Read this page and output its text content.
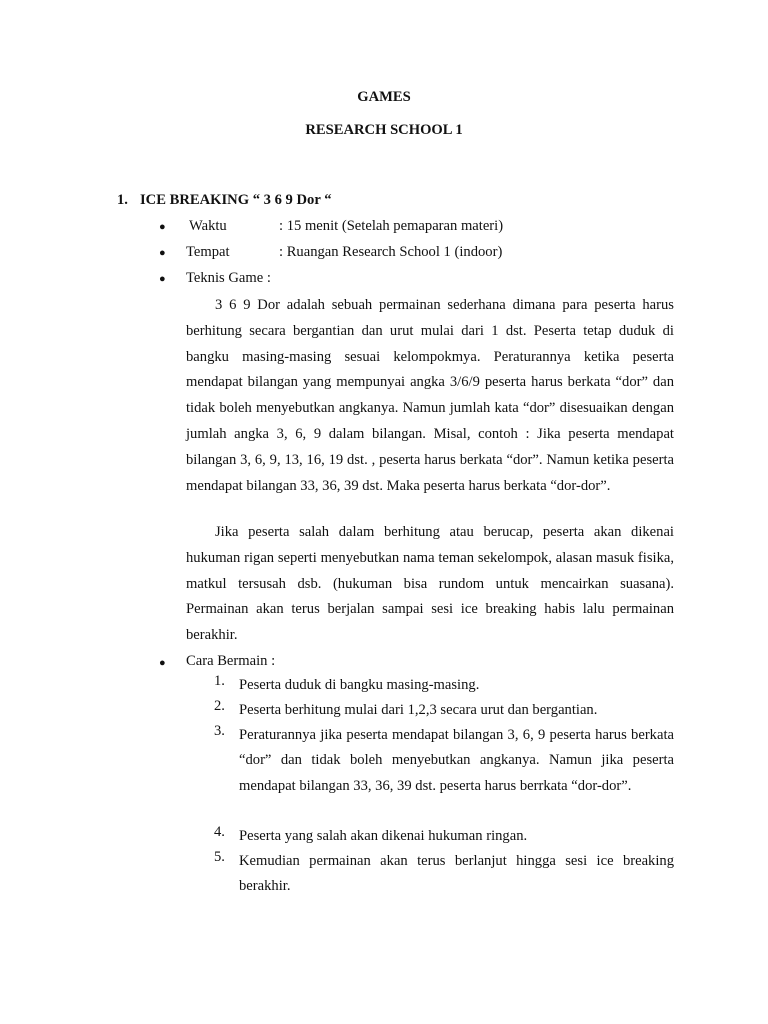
GAMES
RESEARCH SCHOOL 1
1. ICE BREAKING “ 3 6 9 Dor “
● Waktu	: 15 menit (Setelah pemaparan materi)
● Tempat	: Ruangan Research School 1 (indoor)
● Teknis Game :
3 6 9 Dor adalah sebuah permainan sederhana dimana para peserta harus berhitung secara bergantian dan urut mulai dari 1 dst. Peserta tetap duduk di bangku masing-masing sesuai kelompokmya. Peraturannya ketika peserta mendapat bilangan yang mempunyai angka 3/6/9 peserta harus berkata “dor” dan tidak boleh menyebutkan angkanya. Namun jumlah kata “dor” disesuaikan dengan jumlah angka 3, 6, 9 dalam bilangan. Misal, contoh : Jika peserta mendapat bilangan 3, 6, 9, 13, 16, 19 dst. , peserta harus berkata “dor”. Namun ketika peserta mendapat bilangan 33, 36, 39 dst. Maka peserta harus berkata “dor-dor”.
Jika peserta salah dalam berhitung atau berucap, peserta akan dikenai hukuman rigan seperti menyebutkan nama teman sekelompok, alasan masuk fisika, matkul tersusah dsb. (hukuman bisa rundom untuk mencairkan suasana). Permainan akan terus berjalan sampai sesi ice breaking habis lalu permainan berakhir.
● Cara Bermain :
1. Peserta duduk di bangku masing-masing.
2. Peserta berhitung mulai dari 1,2,3 secara urut dan bergantian.
3. Peraturannya jika peserta mendapat bilangan 3, 6, 9 peserta harus berkata “dor” dan tidak boleh menyebutkan angkanya. Namun jika peserta mendapat bilangan 33, 36, 39 dst. peserta harus berrkata “dor-dor”.
4. Peserta yang salah akan dikenai hukuman ringan.
5. Kemudian permainan akan terus berlanjut hingga sesi ice breaking berakhir.
